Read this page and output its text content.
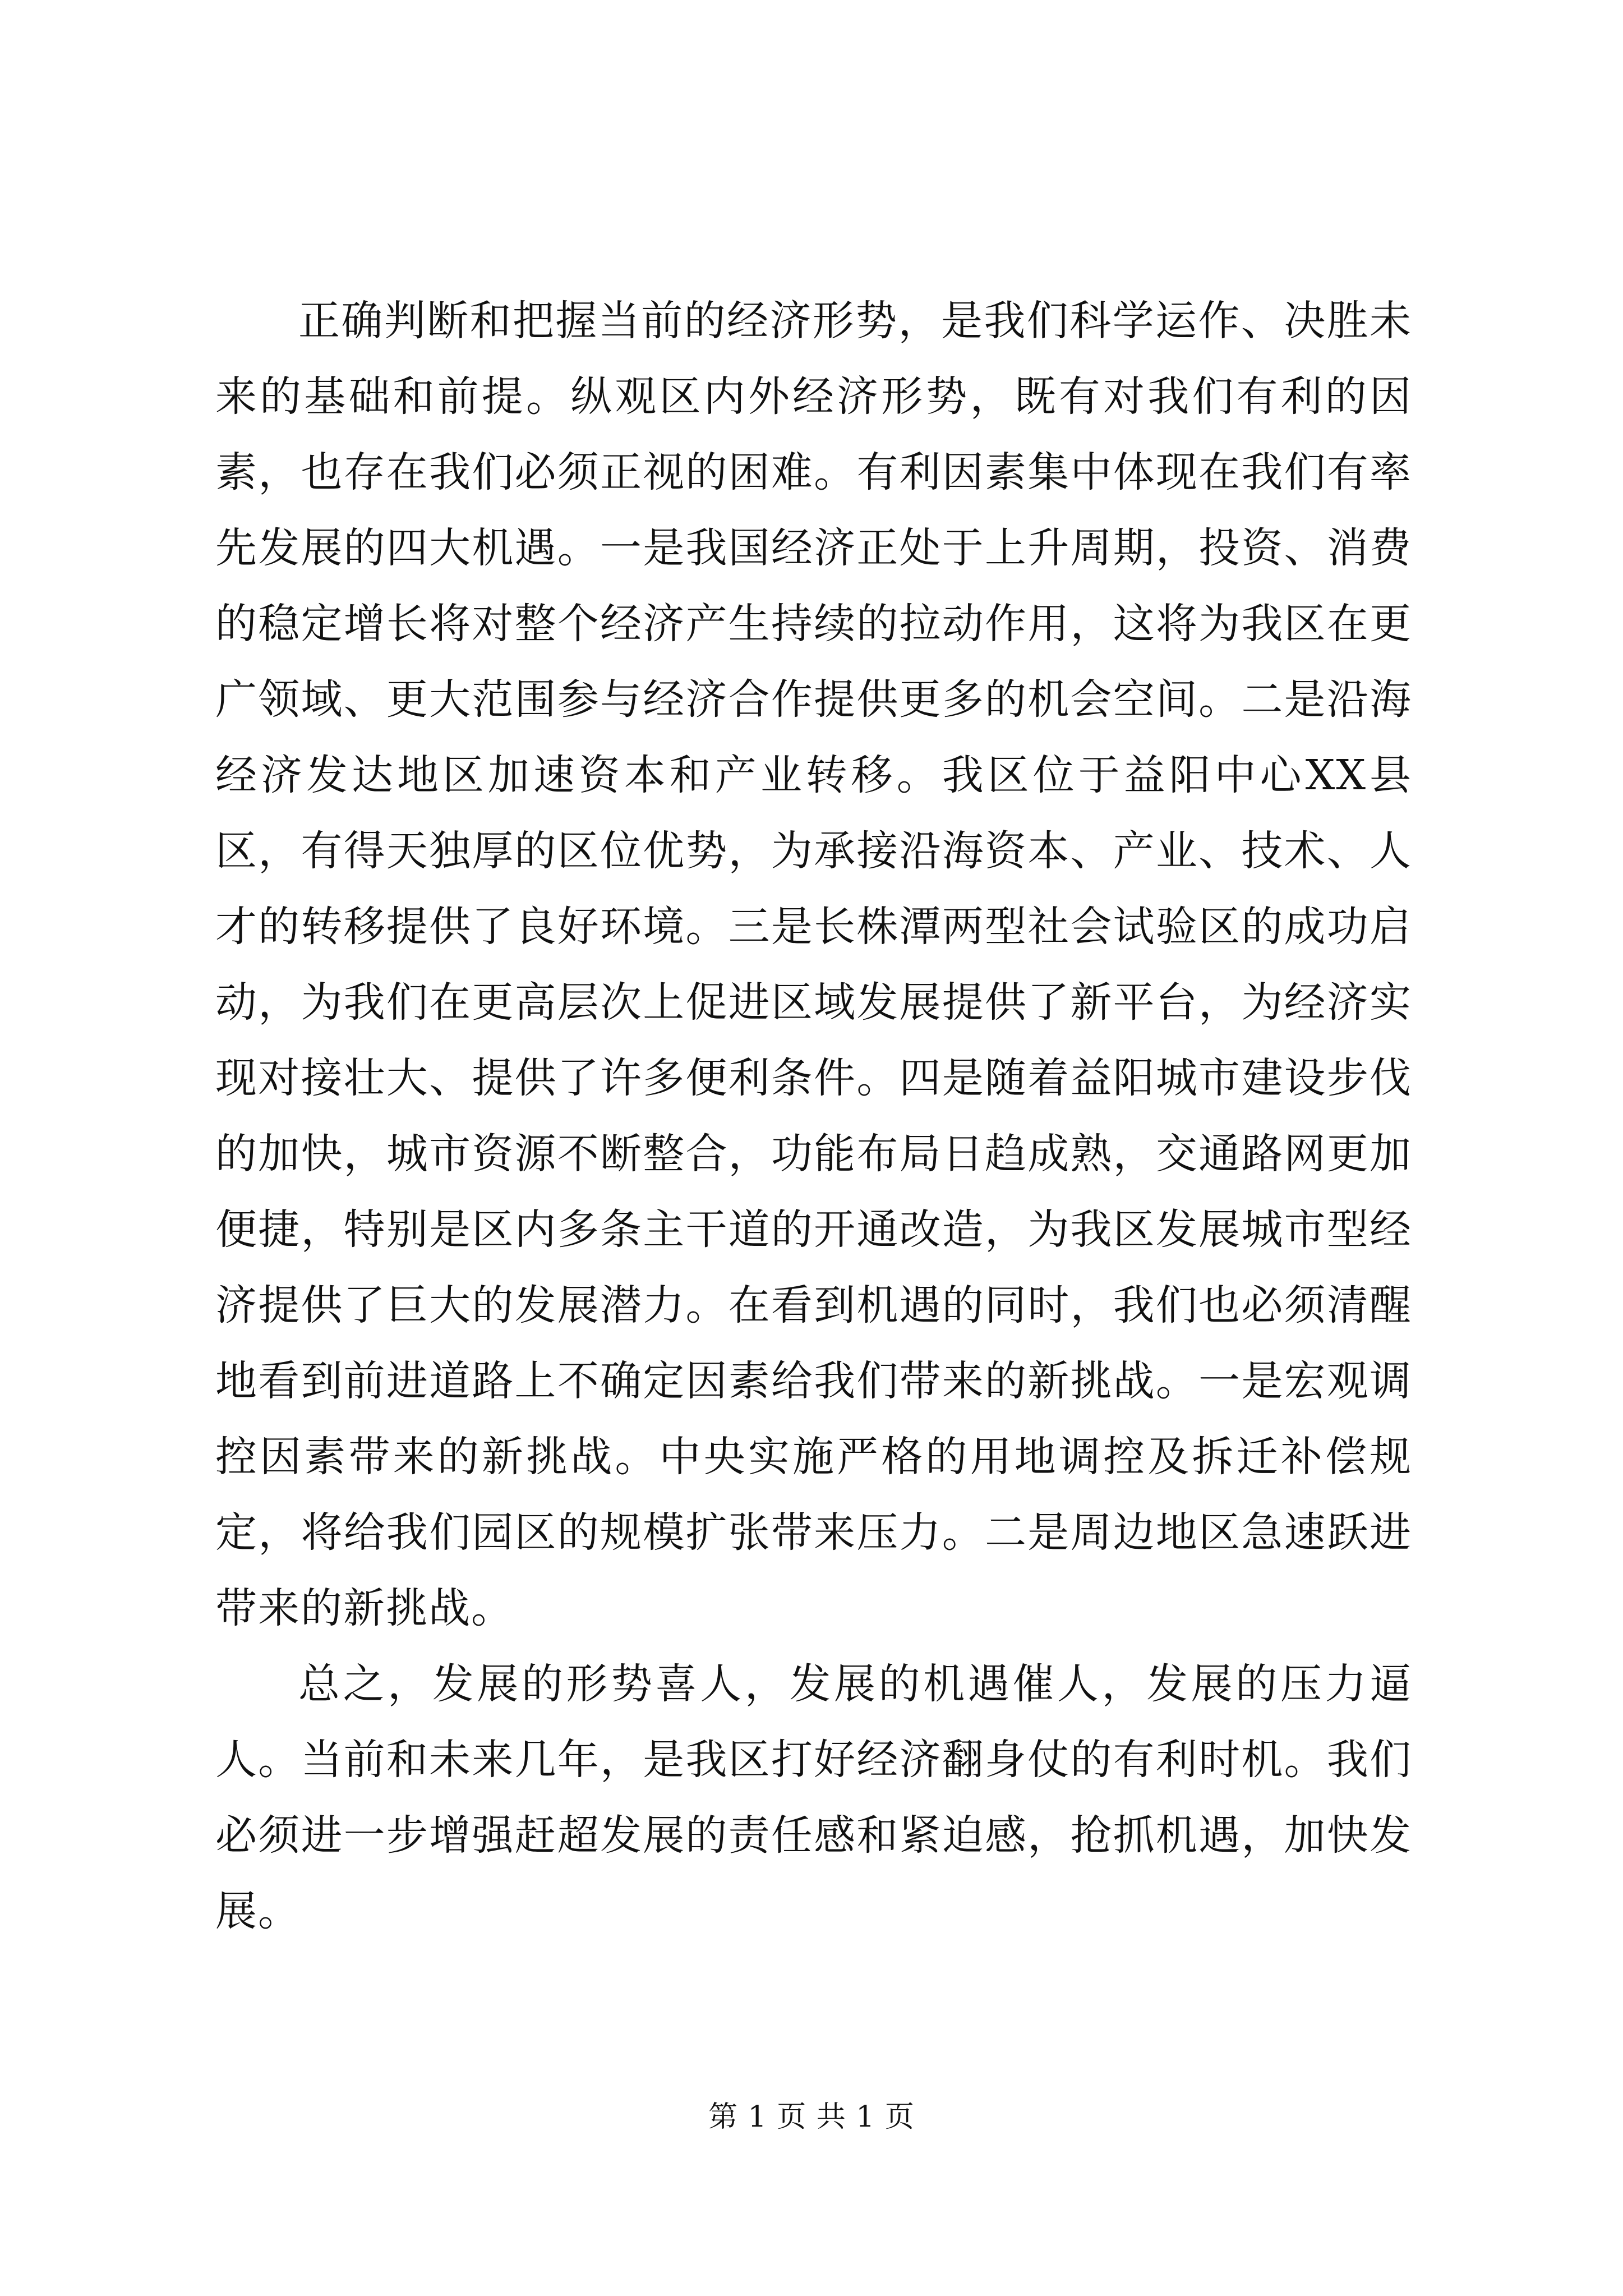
正确判断和把握当前的经济形势，是我们科学运作、决胜未来的基础和前提。纵观区内外经济形势，既有对我们有利的因素，也存在我们必须正视的困难。有利因素集中体现在我们有率先发展的四大机遇。一是我国经济正处于上升周期，投资、消费的稳定增长将对整个经济产生持续的拉动作用，这将为我区在更广领域、更大范围参与经济合作提供更多的机会空间。二是沿海经济发达地区加速资本和产业转移。我区位于益阳中心XX县区，有得天独厚的区位优势，为承接沿海资本、产业、技术、人才的转移提供了良好环境。三是长株潭两型社会试验区的成功启动，为我们在更高层次上促进区域发展提供了新平台，为经济实现对接壮大、提供了许多便利条件。四是随着益阳城市建设步伐的加快，城市资源不断整合，功能布局日趋成熟，交通路网更加便捷，特别是区内多条主干道的开通改造，为我区发展城市型经济提供了巨大的发展潜力。在看到机遇的同时，我们也必须清醒地看到前进道路上不确定因素给我们带来的新挑战。一是宏观调控因素带来的新挑战。中央实施严格的用地调控及拆迁补偿规定，将给我们园区的规模扩张带来压力。二是周边地区急速跃进带来的新挑战。

总之，发展的形势喜人，发展的机遇催人，发展的压力逼人。当前和未来几年，是我区打好经济翻身仗的有利时机。我们必须进一步增强赶超发展的责任感和紧迫感，抢抓机遇，加快发展。

第 1 页 共 1 页
